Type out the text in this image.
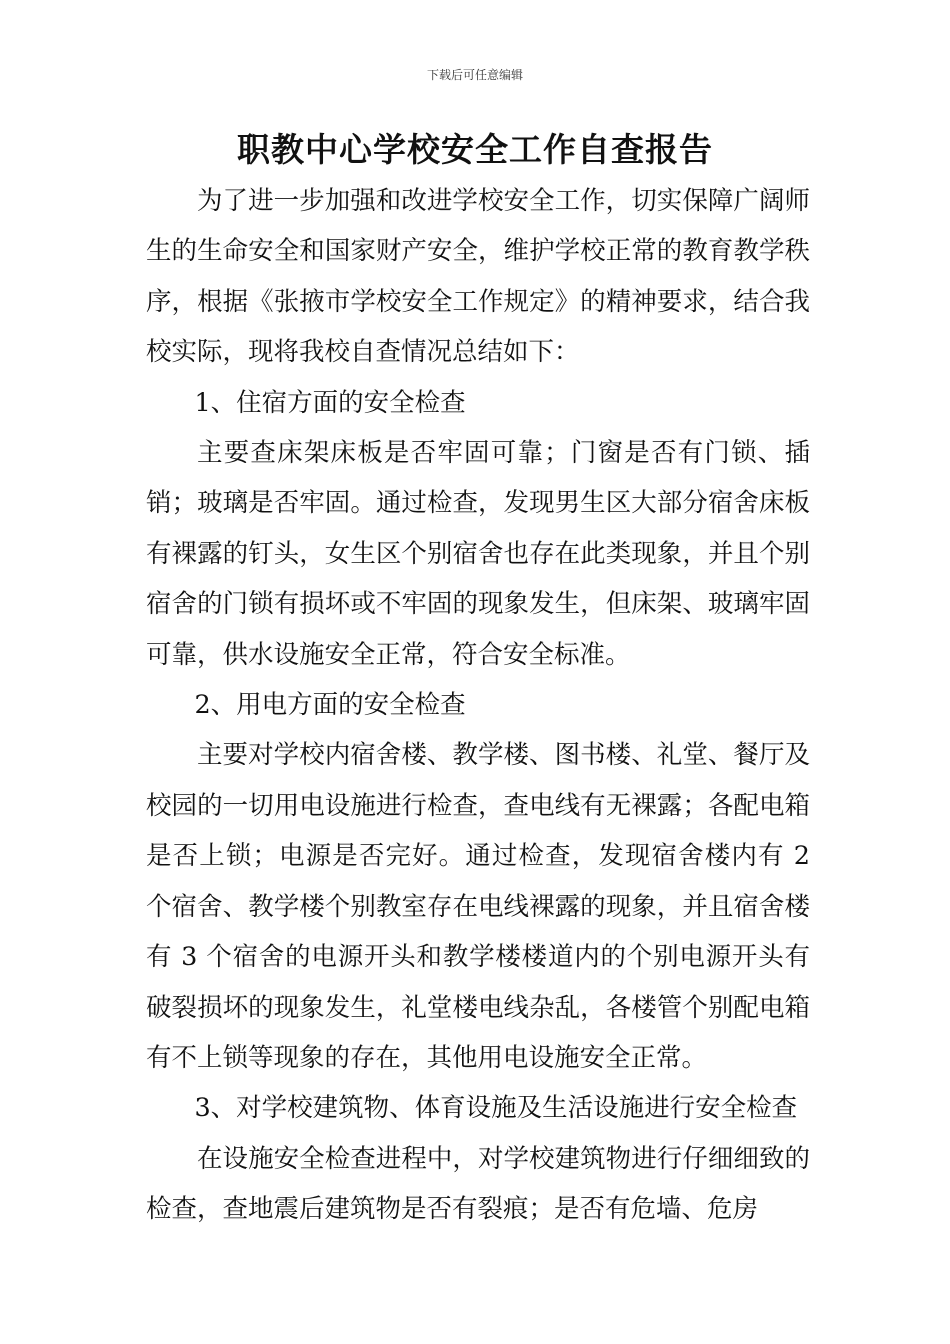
下载后可任意编辑
职教中心学校安全工作自查报告

为了进一步加强和改进学校安全工作，切实保障广阔师生的生命安全和国家财产安全，维护学校正常的教育教学秩序，根据《张掖市学校安全工作规定》的精神要求，结合我校实际，现将我校自查情况总结如下：

1、住宿方面的安全检查

主要查床架床板是否牢固可靠；门窗是否有门锁、插销；玻璃是否牢固。通过检查，发现男生区大部分宿舍床板有裸露的钉头，女生区个别宿舍也存在此类现象，并且个别宿舍的门锁有损坏或不牢固的现象发生，但床架、玻璃牢固可靠，供水设施安全正常，符合安全标准。

2、用电方面的安全检查

主要对学校内宿舍楼、教学楼、图书楼、礼堂、餐厅及校园的一切用电设施进行检查，查电线有无裸露；各配电箱是否上锁；电源是否完好。通过检查，发现宿舍楼内有 2 个宿舍、教学楼个别教室存在电线裸露的现象，并且宿舍楼有 3 个宿舍的电源开头和教学楼楼道内的个别电源开头有破裂损坏的现象发生，礼堂楼电线杂乱，各楼管个别配电箱有不上锁等现象的存在，其他用电设施安全正常。

3、对学校建筑物、体育设施及生活设施进行安全检查

在设施安全检查进程中，对学校建筑物进行仔细细致的检查，查地震后建筑物是否有裂痕；是否有危墙、危房
